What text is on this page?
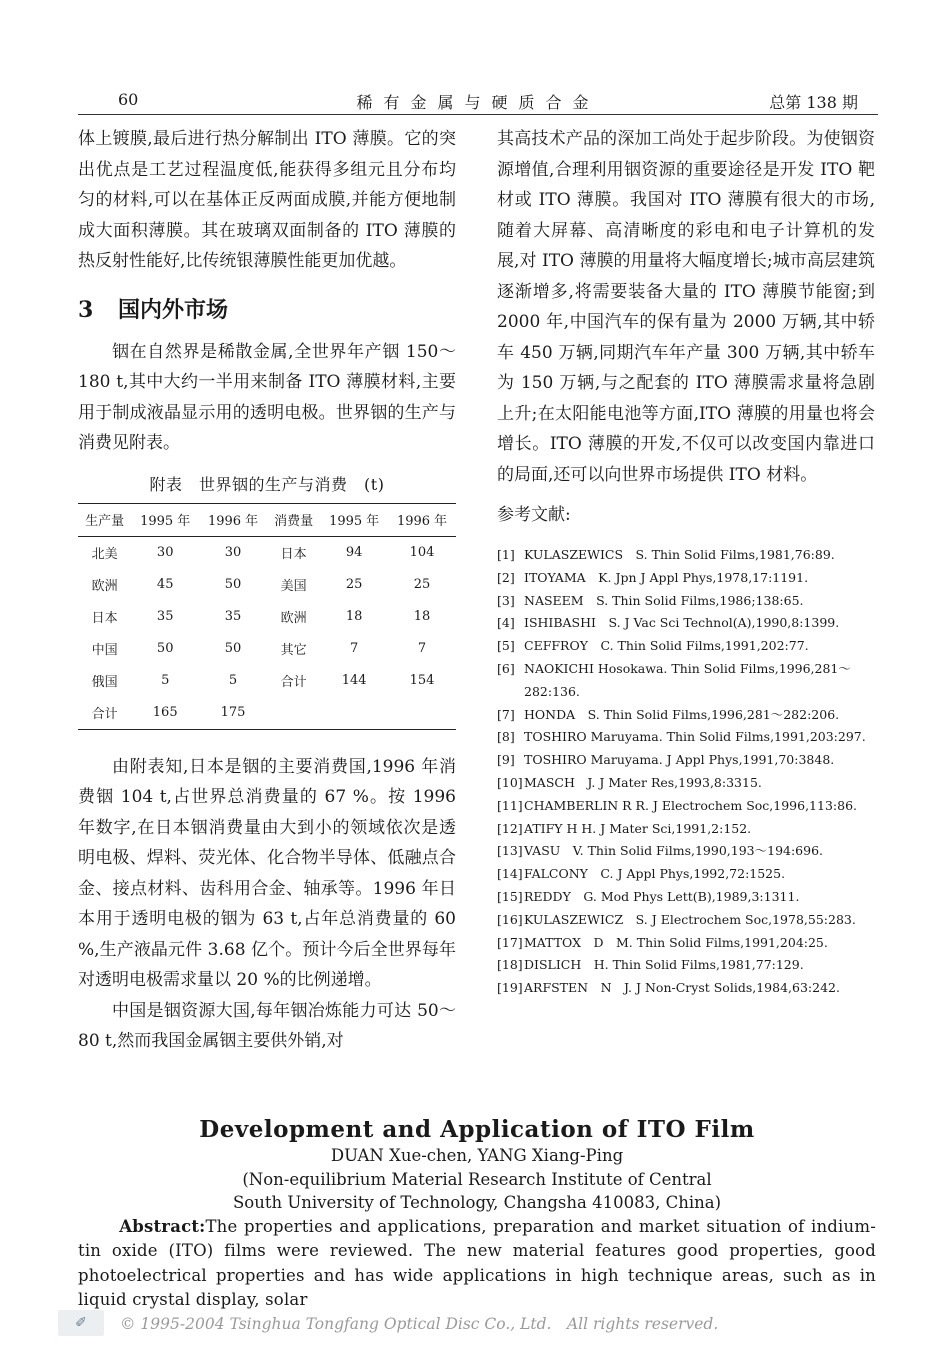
60	稀有金属与硬质合金	总第 138 期

体上镀膜,最后进行热分解制出 ITO 薄膜。它的突出优点是工艺过程温度低,能获得多组元且分布均匀的材料,可以在基体正反两面成膜,并能方便地制成大面积薄膜。其在玻璃双面制备的 ITO 薄膜的热反射性能好,比传统银薄膜性能更加优越。

3 国内外市场

铟在自然界是稀散金属,全世界年产铟 150～180 t,其中大约一半用来制备 ITO 薄膜材料,主要用于制成液晶显示用的透明电极。世界铟的生产与消费见附表。

附表　世界铟的生产与消费　(t)
生产量	1995 年	1996 年	消费量	1995 年	1996 年
北美	30	30	日本	94	104
欧洲	45	50	美国	25	25
日本	35	35	欧洲	18	18
中国	50	50	其它	7	7
俄国	5	5	合计	144	154
合计	165	175			

由附表知,日本是铟的主要消费国,1996 年消费铟 104 t,占世界总消费量的 67 %。按 1996 年数字,在日本铟消费量由大到小的领域依次是透明电极、焊料、荧光体、化合物半导体、低融点合金、接点材料、齿科用合金、轴承等。1996 年日本用于透明电极的铟为 63 t,占年总消费量的 60 %,生产液晶元件 3.68 亿个。预计今后全世界每年对透明电极需求量以 20 %的比例递增。

中国是铟资源大国,每年铟冶炼能力可达 50～80 t,然而我国金属铟主要供外销,对

其高技术产品的深加工尚处于起步阶段。为使铟资源增值,合理利用铟资源的重要途径是开发 ITO 靶材或 ITO 薄膜。我国对 ITO 薄膜有很大的市场,随着大屏幕、高清晰度的彩电和电子计算机的发展,对 ITO 薄膜的用量将大幅度增长;城市高层建筑逐渐增多,将需要装备大量的 ITO 薄膜节能窗;到 2000 年,中国汽车的保有量为 2000 万辆,其中轿车 450 万辆,同期汽车年产量 300 万辆,其中轿车为 150 万辆,与之配套的 ITO 薄膜需求量将急剧上升;在太阳能电池等方面,ITO 薄膜的用量也将会增长。ITO 薄膜的开发,不仅可以改变国内靠进口的局面,还可以向世界市场提供 ITO 材料。

参考文献:
[1] KULASZEWICS　S. Thin Solid Films,1981,76:89.
[2] ITOYAMA　K. Jpn J Appl Phys,1978,17:1191.
[3] NASEEM　S. Thin Solid Films,1986;138:65.
[4] ISHIBASHI　S. J Vac Sci Technol(A),1990,8:1399.
[5] CEFFROY　C. Thin Solid Films,1991,202:77.
[6] NAOKICHI Hosokawa. Thin Solid Films,1996,281～282:136.
[7] HONDA　S. Thin Solid Films,1996,281～282:206.
[8] TOSHIRO Maruyama. Thin Solid Films,1991,203:297.
[9] TOSHIRO Maruyama. J Appl Phys,1991,70:3848.
[10] MASCH　J. J Mater Res,1993,8:3315.
[11] CHAMBERLIN R R. J Electrochem Soc,1996,113:86.
[12] ATIFY H H. J Mater Sci,1991,2:152.
[13] VASU　V. Thin Solid Films,1990,193～194:696.
[14] FALCONY　C. J Appl Phys,1992,72:1525.
[15] REDDY　G. Mod Phys Lett(B),1989,3:1311.
[16] KULASZEWICZ　S. J Electrochem Soc,1978,55:283.
[17] MATTOX　D　M. Thin Solid Films,1991,204:25.
[18] DISLICH　H. Thin Solid Films,1981,77:129.
[19] ARFSTEN　N　J. J Non-Cryst Solids,1984,63:242.
Development and Application of ITO Film

DUAN Xue-chen, YANG Xiang-Ping

(Non-equilibrium Material Research Institute of Central

South University of Technology, Changsha 410083, China)

Abstract:The properties and applications, preparation and market situation of indium-tin oxide (ITO) films were reviewed. The new material features good properties, good photoelectrical properties and has wide applications in high technique areas, such as in liquid crystal display, solar

✐	© 1995-2004 Tsinghua Tongfang Optical Disc Co., Ltd.　All rights reserved.
